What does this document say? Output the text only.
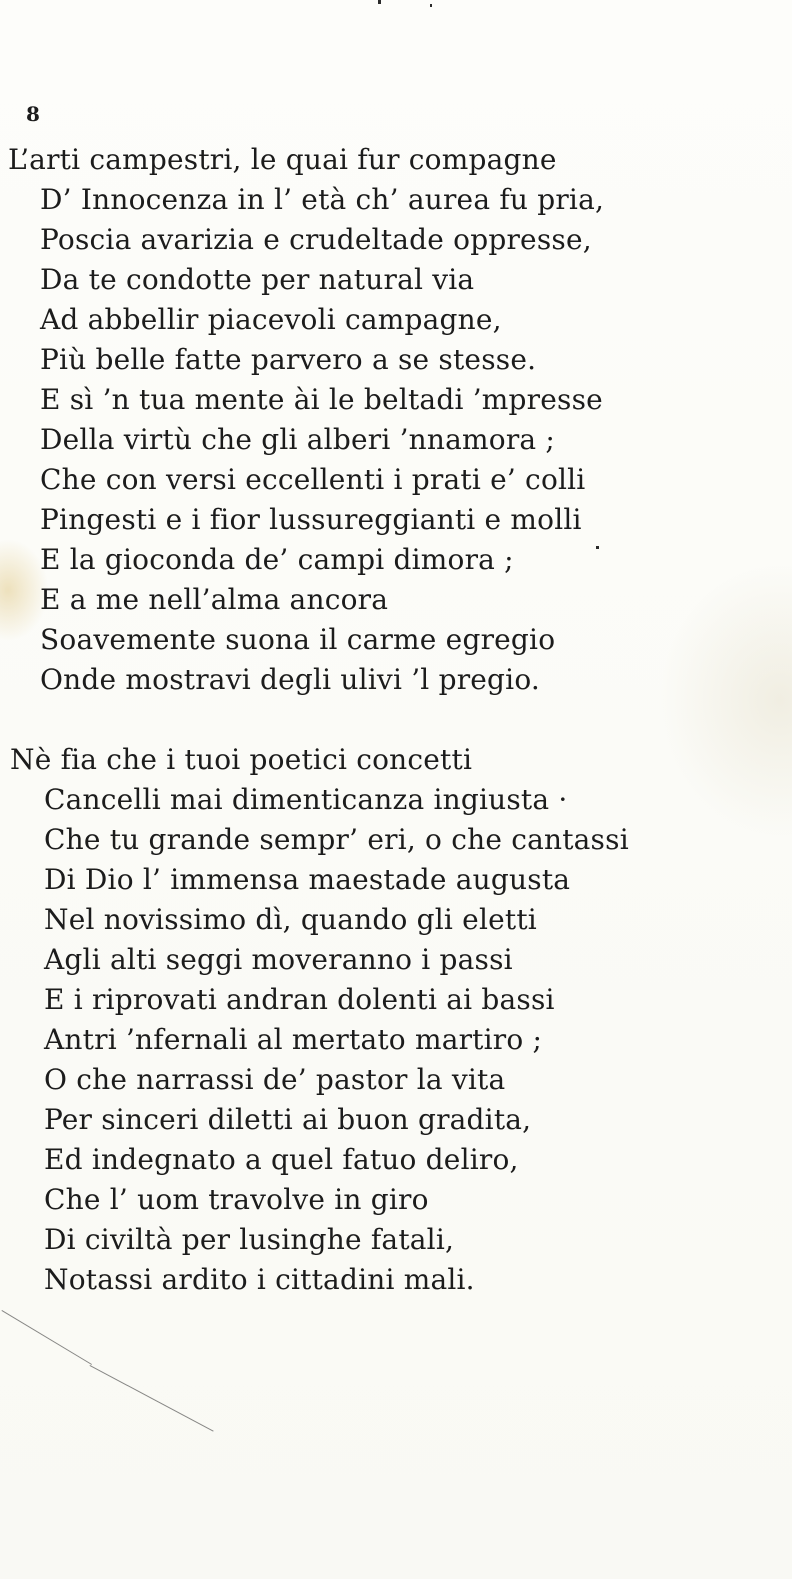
8
L’arti campestri, le quai fur compagne
D’ Innocenza in l’ età ch’ aurea fu pria,
Poscia avarizia e crudeltade oppresse,
Da te condotte per natural via
Ad abbellir piacevoli campagne,
Più belle fatte parvero a se stesse.
E sì ’n tua mente ài le beltadi ’mpresse
Della virtù che gli alberi ’nnamora ;
Che con versi eccellenti i prati e’ colli
Pingesti e i fior lussureggianti e molli
E la gioconda de’ campi dimora ;
E a me nell’alma ancora
Soavemente suona il carme egregio
Onde mostravi degli ulivi ’l pregio.
Nè fia che i tuoi poetici concetti
Cancelli mai dimenticanza ingiusta ·
Che tu grande sempr’ eri, o che cantassi
Di Dio l’ immensa maestade augusta
Nel novissimo dì, quando gli eletti
Agli alti seggi moveranno i passi
E i riprovati andran dolenti ai bassi
Antri ’nfernali al mertato martiro ;
O che narrassi de’ pastor la vita
Per sinceri diletti ai buon gradita,
Ed indegnato a quel fatuo deliro,
Che l’ uom travolve in giro
Di civiltà per lusinghe fatali,
Notassi ardito i cittadini mali.
